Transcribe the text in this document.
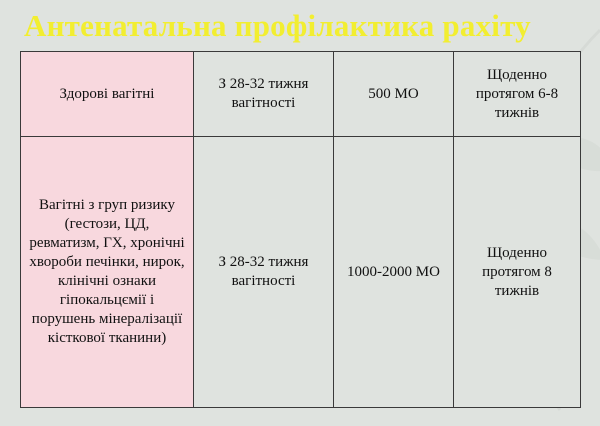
Антенатальна профілактика рахіту
Здорові вагітні	З 28-32 тижня вагітності	500 МО	Щоденно протягом 6-8 тижнів
Вагітні з груп ризику (гестози, ЦД, ревматизм, ГХ, хронічні хвороби печінки, нирок, клінічні ознаки гіпокальцємії і порушень мінералізації кісткової тканини)	З 28-32 тижня вагітності	1000-2000 МО	Щоденно протягом 8 тижнів
